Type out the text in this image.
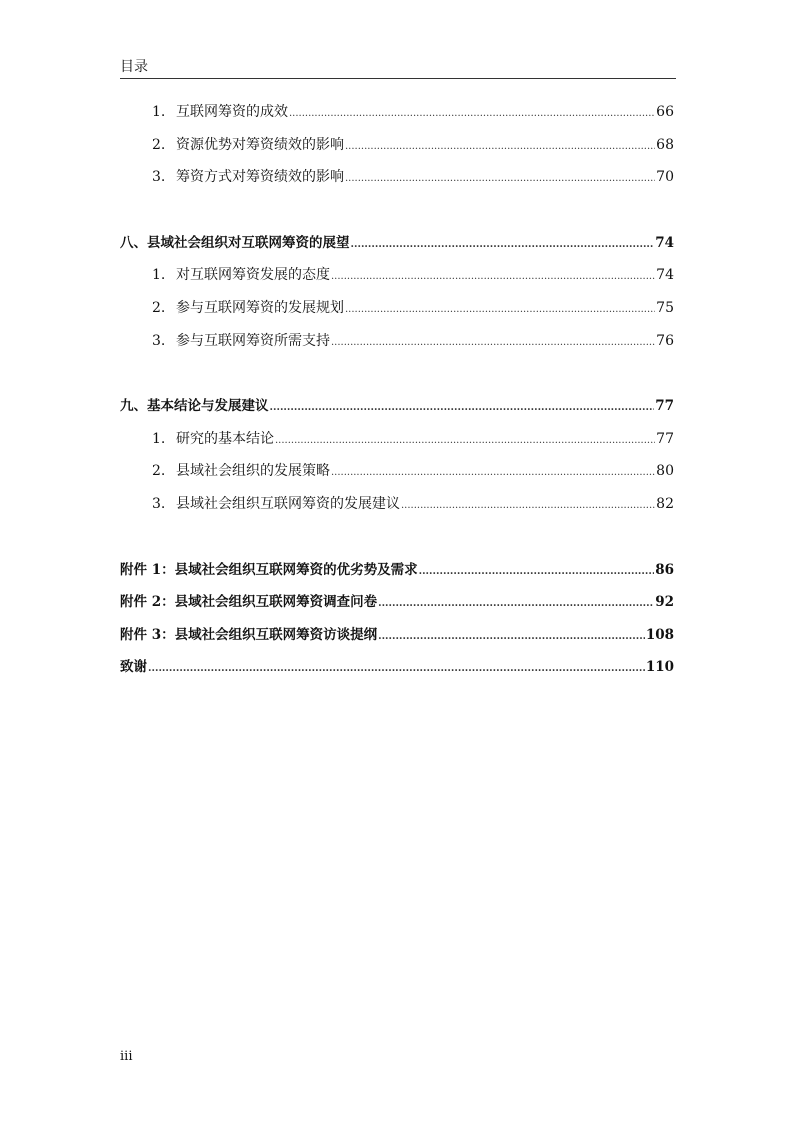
目录
1. 互联网筹资的成效 .....	66
2. 资源优势对筹资绩效的影响 .....	68
3. 筹资方式对筹资绩效的影响 .....	70
八、县域社会组织对互联网筹资的展望 .....	74
1. 对互联网筹资发展的态度 .....	74
2. 参与互联网筹资的发展规划 .....	75
3. 参与互联网筹资所需支持 .....	76
九、基本结论与发展建议 .....	77
1. 研究的基本结论 .....	77
2. 县域社会组织的发展策略 .....	80
3. 县域社会组织互联网筹资的发展建议 .....	82
附件 1：县域社会组织互联网筹资的优劣势及需求 .....	86
附件 2：县域社会组织互联网筹资调查问卷 .....	92
附件 3：县域社会组织互联网筹资访谈提纲 .....	108
致谢 .....	110
iii
